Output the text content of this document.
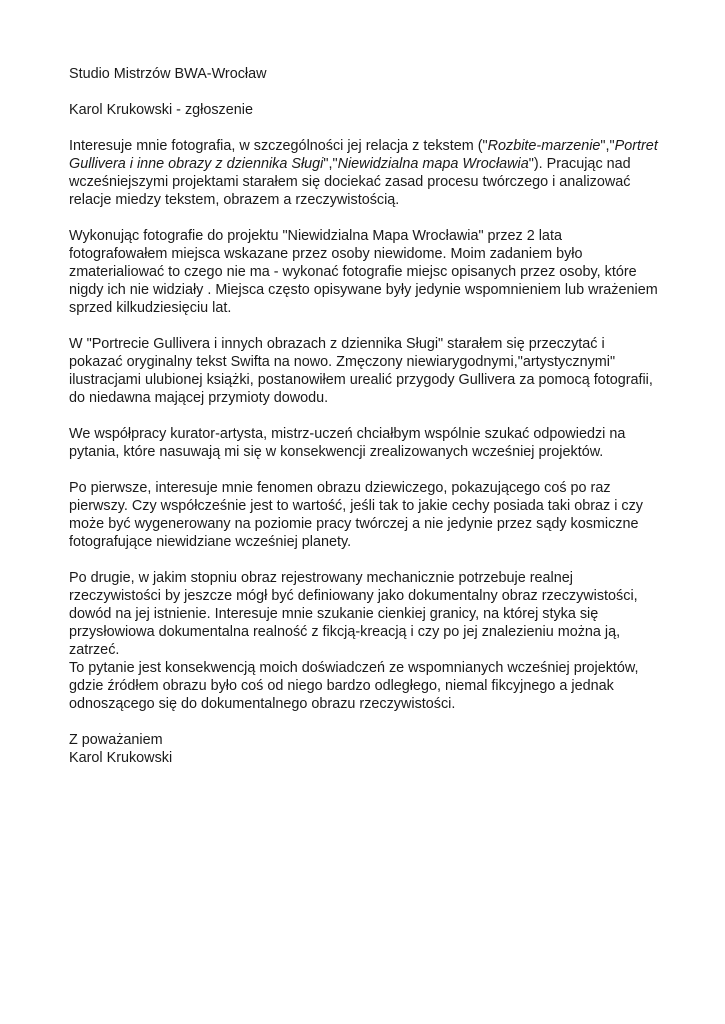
Studio Mistrzów BWA-Wrocław

Karol Krukowski - zgłoszenie

Interesuje mnie fotografia, w szczególności jej relacja z tekstem ("Rozbite-marzenie","Portret Gullivera i inne obrazy z dziennika Sługi","Niewidzialna mapa Wrocławia"). Pracując nad wcześniejszymi projektami starałem się dociekać zasad procesu twórczego i analizować relacje miedzy tekstem, obrazem a rzeczywistością.

Wykonując fotografie do projektu "Niewidzialna Mapa Wrocławia" przez 2 lata fotografowałem miejsca wskazane przez osoby niewidome. Moim zadaniem było zmaterialiować to czego nie ma - wykonać fotografie miejsc opisanych przez osoby, które nigdy ich nie widziały . Miejsca często opisywane były jedynie wspomnieniem lub wrażeniem sprzed kilkudziesięciu lat.

W "Portrecie Gullivera i innych obrazach z dziennika Sługi" starałem się przeczytać i pokazać oryginalny tekst Swifta na nowo. Zmęczony niewiarygodnymi,"artystycznymi" ilustracjami ulubionej książki, postanowiłem urealić przygody Gullivera za pomocą fotografii, do niedawna mającej przymioty dowodu.

We współpracy kurator-artysta, mistrz-uczeń chciałbym wspólnie szukać odpowiedzi na pytania, które nasuwają mi się w konsekwencji zrealizowanych wcześniej projektów.

Po pierwsze, interesuje mnie fenomen obrazu dziewiczego, pokazującego coś po raz pierwszy. Czy współcześnie jest to wartość, jeśli tak to jakie cechy posiada taki obraz i czy może być wygenerowany na poziomie pracy twórczej a nie jedynie przez sądy kosmiczne fotografujące niewidziane wcześniej planety.

Po drugie, w jakim stopniu obraz rejestrowany mechanicznie potrzebuje realnej rzeczywistości by jeszcze mógł być definiowany jako dokumentalny obraz rzeczywistości, dowód na jej istnienie. Interesuje mnie szukanie cienkiej granicy, na której styka się przysłowiowa dokumentalna realność z fikcją-kreacją i czy po jej znalezieniu można ją, zatrzeć.

To pytanie jest konsekwencją moich doświadczeń ze wspomnianych wcześniej projektów, gdzie źródłem obrazu było coś od niego bardzo odległego, niemal fikcyjnego a jednak odnoszącego się do dokumentalnego obrazu rzeczywistości.

Z poważaniem

Karol Krukowski
